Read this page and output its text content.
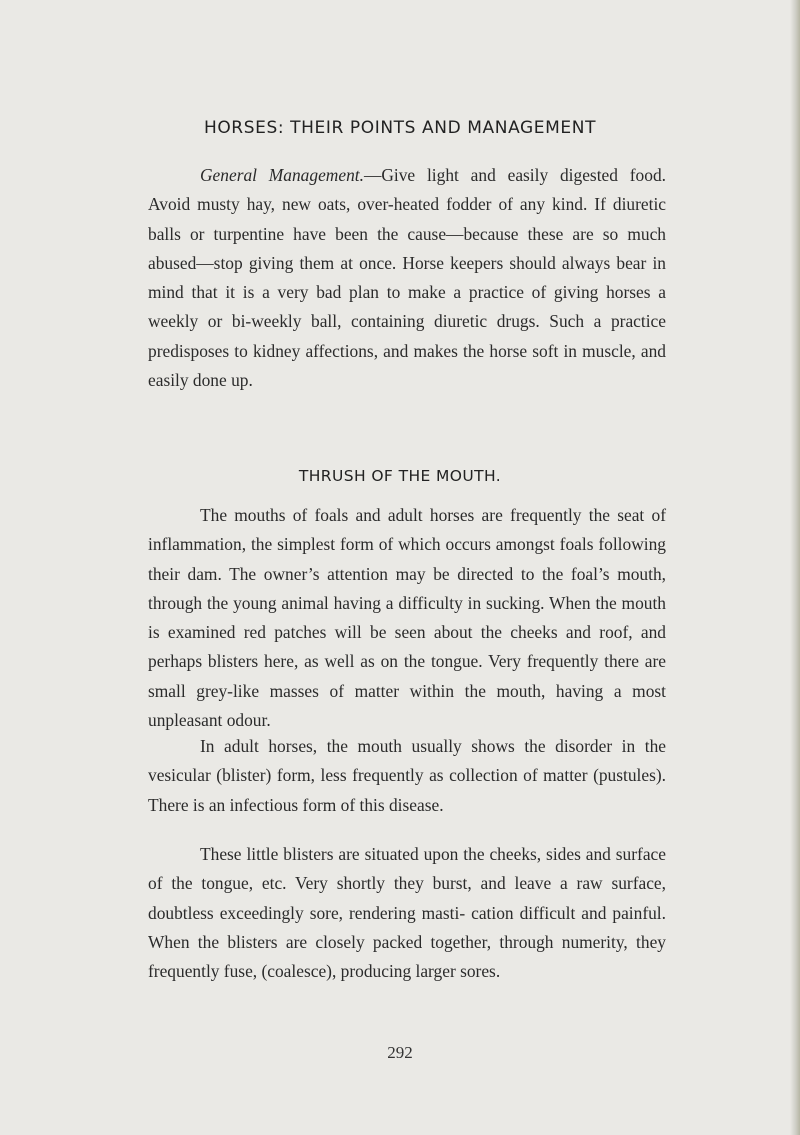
HORSES: THEIR POINTS AND MANAGEMENT

General Management.—Give light and easily digested food. Avoid musty hay, new oats, over-heated fodder of any kind. If diuretic balls or turpentine have been the cause—because these are so much abused—stop giving them at once. Horse keepers should always bear in mind that it is a very bad plan to make a practice of giving horses a weekly or bi-weekly ball, containing diuretic drugs. Such a practice predisposes to kidney affections, and makes the horse soft in muscle, and easily done up.

THRUSH OF THE MOUTH.

The mouths of foals and adult horses are frequently the seat of inflammation, the simplest form of which occurs amongst foals following their dam. The owner’s attention may be directed to the foal’s mouth, through the young animal having a difficulty in sucking. When the mouth is examined red patches will be seen about the cheeks and roof, and perhaps blisters here, as well as on the tongue. Very frequently there are small grey-like masses of matter within the mouth, having a most unpleasant odour.

In adult horses, the mouth usually shows the disorder in the vesicular (blister) form, less frequently as collection of matter (pustules). There is an infectious form of this disease.

These little blisters are situated upon the cheeks, sides and surface of the tongue, etc. Very shortly they burst, and leave a raw surface, doubtless exceedingly sore, rendering masti- cation difficult and painful. When the blisters are closely packed together, through numerity, they frequently fuse, (coalesce), producing larger sores.

292
